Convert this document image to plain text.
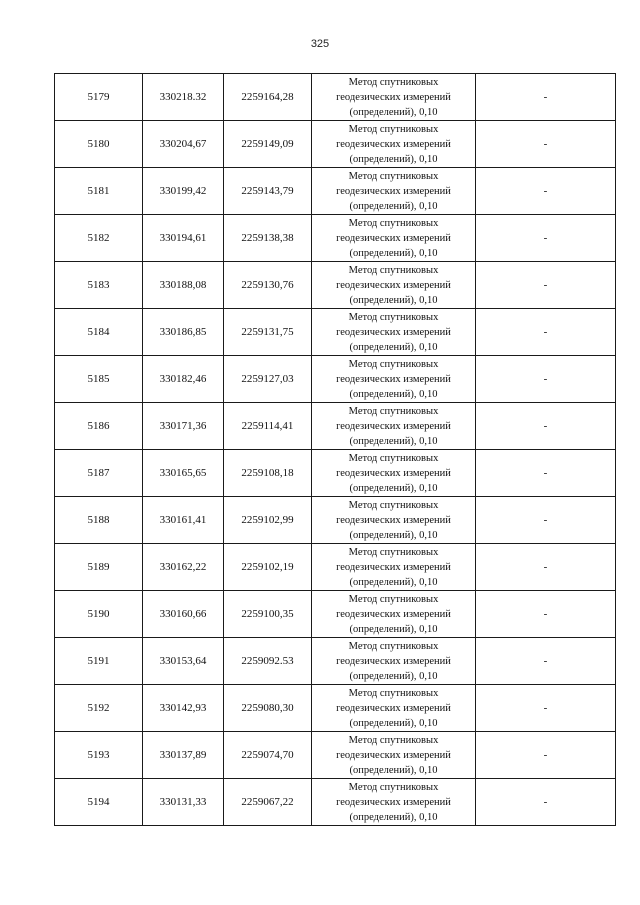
325
5179	330218.32	2259164,28	Метод спутниковых геодезических измерений (определений), 0,10	-
5180	330204,67	2259149,09	Метод спутниковых геодезических измерений (определений), 0,10	-
5181	330199,42	2259143,79	Метод спутниковых геодезических измерений (определений), 0,10	-
5182	330194,61	2259138,38	Метод спутниковых геодезических измерений (определений), 0,10	-
5183	330188,08	2259130,76	Метод спутниковых геодезических измерений (определений), 0,10	-
5184	330186,85	2259131,75	Метод спутниковых геодезических измерений (определений), 0,10	-
5185	330182,46	2259127,03	Метод спутниковых геодезических измерений (определений), 0,10	-
5186	330171,36	2259114,41	Метод спутниковых геодезических измерений (определений), 0,10	-
5187	330165,65	2259108,18	Метод спутниковых геодезических измерений (определений), 0,10	-
5188	330161,41	2259102,99	Метод спутниковых геодезических измерений (определений), 0,10	-
5189	330162,22	2259102,19	Метод спутниковых геодезических измерений (определений), 0,10	-
5190	330160,66	2259100,35	Метод спутниковых геодезических измерений (определений), 0,10	-
5191	330153,64	2259092.53	Метод спутниковых геодезических измерений (определений), 0,10	-
5192	330142,93	2259080,30	Метод спутниковых геодезических измерений (определений), 0,10	-
5193	330137,89	2259074,70	Метод спутниковых геодезических измерений (определений), 0,10	-
5194	330131,33	2259067,22	Метод спутниковых геодезических измерений (определений), 0,10	-
